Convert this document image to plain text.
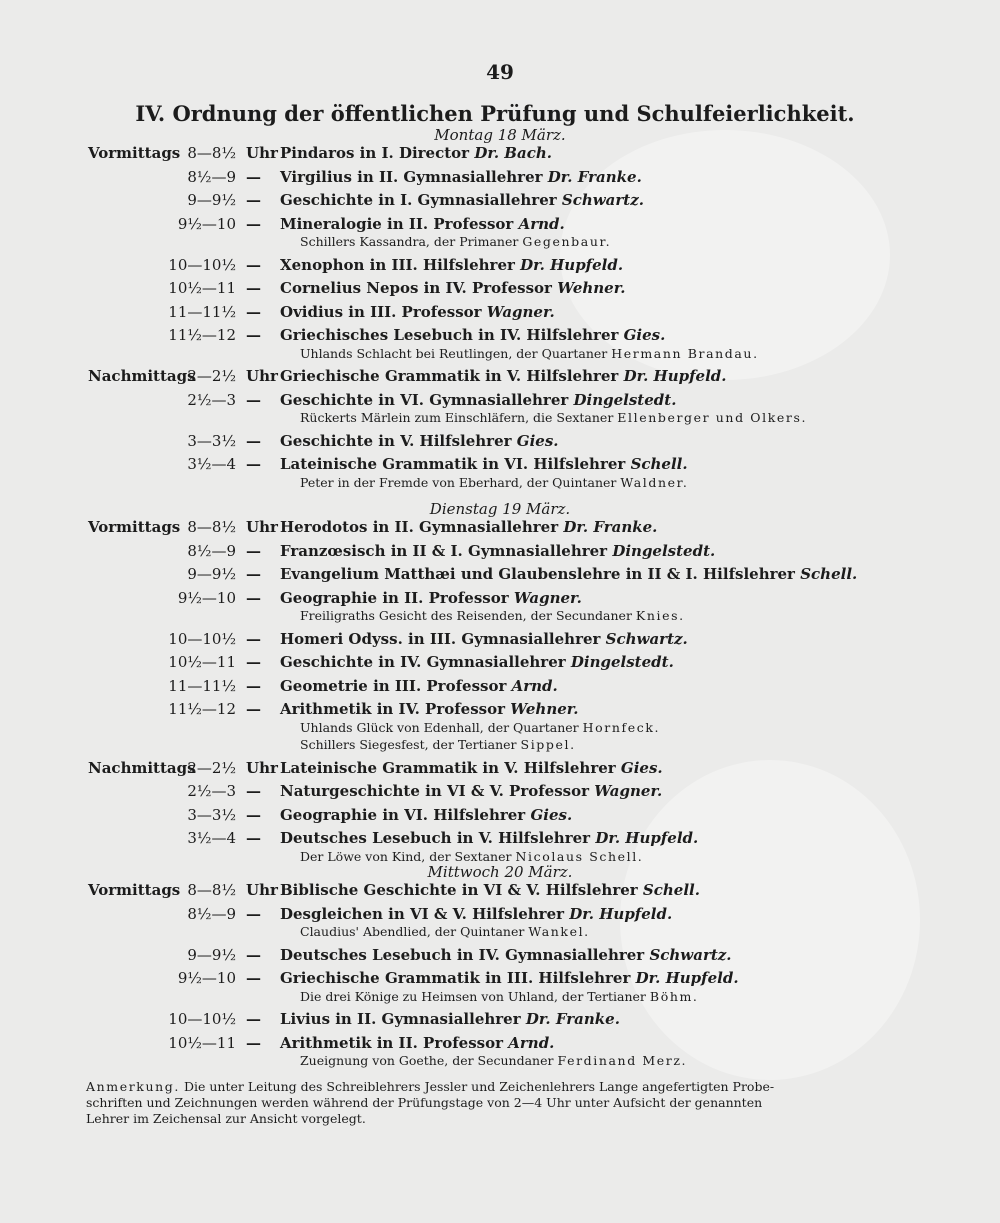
49
IV. Ordnung der öffentlichen Prüfung und Schulfeierlichkeit.
Montag 18 März.
Vormittags 8—8½ Uhr Pindaros in I. Director Dr. Bach.
8½—9 — Virgilius in II. Gymnasiallehrer Dr. Franke.
9—9½ — Geschichte in I. Gymnasiallehrer Schwartz.
9½—10 — Mineralogie in II. Professor Arnd.
Schillers Kassandra, der Primaner Gegenbaur.
10—10½ — Xenophon in III. Hilfslehrer Dr. Hupfeld.
10½—11 — Cornelius Nepos in IV. Professor Wehner.
11—11½ — Ovidius in III. Professor Wagner.
11½—12 — Griechisches Lesebuch in IV. Hilfslehrer Gies.
Uhlands Schlacht bei Reutlingen, der Quartaner Hermann Brandau.
Nachmittags
2—2½ Uhr Griechische Grammatik in V. Hilfslehrer Dr. Hupfeld.
2½—3 — Geschichte in VI. Gymnasiallehrer Dingelstedt.
Rückerts Märlein zum Einschläfern, die Sextaner Ellenberger und Olkers.
3—3½ — Geschichte in V. Hilfslehrer Gies.
3½—4 — Lateinische Grammatik in VI. Hilfslehrer Schell.
Peter in der Fremde von Eberhard, der Quintaner Waldner.
Dienstag 19 März.
Vormittags 8—8½ Uhr Herodotos in II. Gymnasiallehrer Dr. Franke.
8½—9 — Franzœsisch in II & I. Gymnasiallehrer Dingelstedt.
9—9½ — Evangelium Matthæi und Glaubenslehre in II & I. Hilfslehrer Schell.
9½—10 — Geographie in II. Professor Wagner.
Freiligraths Gesicht des Reisenden, der Secundaner Knies.
10—10½ — Homeri Odyss. in III. Gymnasiallehrer Schwartz.
10½—11 — Geschichte in IV. Gymnasiallehrer Dingelstedt.
11—11½ — Geometrie in III. Professor Arnd.
11½—12 — Arithmetik in IV. Professor Wehner.
Uhlands Glück von Edenhall, der Quartaner Hornfeck.
Schillers Siegesfest, der Tertianer Sippel.
Nachmittags
2—2½ Uhr Lateinische Grammatik in V. Hilfslehrer Gies.
2½—3 — Naturgeschichte in VI & V. Professor Wagner.
3—3½ — Geographie in VI. Hilfslehrer Gies.
3½—4 — Deutsches Lesebuch in V. Hilfslehrer Dr. Hupfeld.
Der Löwe von Kind, der Sextaner Nicolaus Schell.
Mittwoch 20 März.
Vormittags 8—8½ Uhr Biblische Geschichte in VI & V. Hilfslehrer Schell.
8½—9 — Desgleichen in VI & V. Hilfslehrer Dr. Hupfeld.
Claudius' Abendlied, der Quintaner Wankel.
9—9½ — Deutsches Lesebuch in IV. Gymnasiallehrer Schwartz.
9½—10 — Griechische Grammatik in III. Hilfslehrer Dr. Hupfeld.
Die drei Könige zu Heimsen von Uhland, der Tertianer Böhm.
10—10½ — Livius in II. Gymnasiallehrer Dr. Franke.
10½—11 — Arithmetik in II. Professor Arnd.
Zueignung von Goethe, der Secundaner Ferdinand Merz.
Anmerkung. Die unter Leitung des Schreiblehrers Jessler und Zeichenlehrers Lange angefertigten Probe-
schriften und Zeichnungen werden während der Prüfungstage von 2—4 Uhr unter Aufsicht der genannten
Lehrer im Zeichensal zur Ansicht vorgelegt.
